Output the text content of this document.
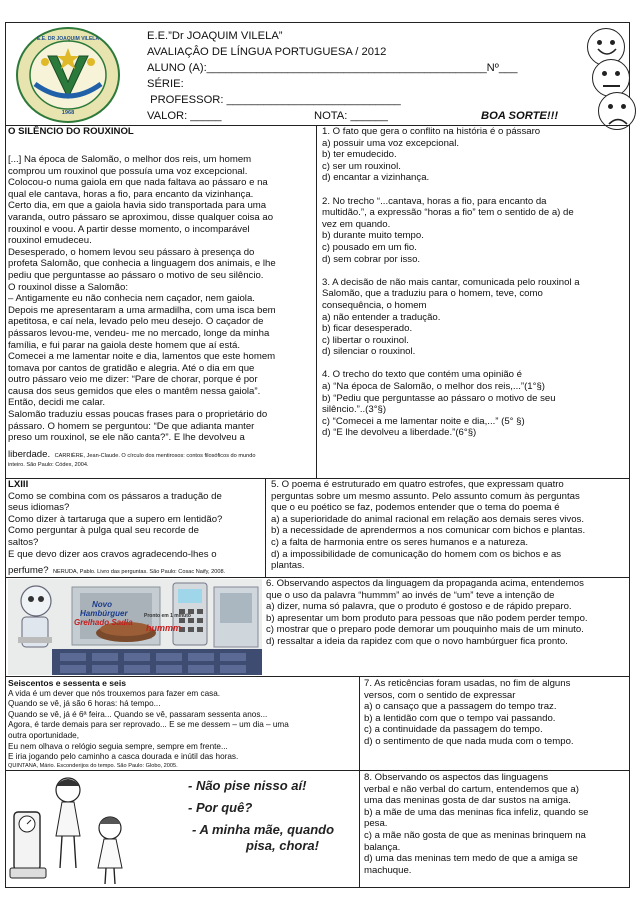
E.E. DR JOAQUIM VILELA
1968
E.E.”Dr JOAQUIM VILELA”
AVALIAÇÂO DE LÍNGUA PORTUGUESA / 2012
ALUNO (A):_____________________________________________Nº___
SÉRIE:
PROFESSOR: ____________________________
VALOR: _____	NOTA: ______	BOA SORTE!!!
O SILÊNCIO DO ROUXINOL
[...] Na época de Salomão, o melhor dos reis, um homem
comprou um rouxinol que possuía uma voz excepcional.
Colocou-o numa gaiola em que nada faltava ao pássaro e na
qual ele cantava, horas a fio, para encanto da vizinhança.
Certo dia, em que a gaiola havia sido transportada para uma
varanda, outro pássaro se aproximou, disse qualquer coisa ao
rouxinol e voou. A partir desse momento, o incomparável
rouxinol emudeceu.
Desesperado, o homem levou seu pássaro à presença do
profeta Salomão, que conhecia a linguagem dos animais, e lhe
pediu que perguntasse ao pássaro o motivo de seu silêncio.
O rouxinol disse a Salomão:
– Antigamente eu não conhecia nem caçador, nem gaiola.
Depois me apresentaram a uma armadilha, com uma isca bem
apetitosa, e caí nela, levado pelo meu desejo. O caçador de
pássaros levou-me, vendeu- me no mercado, longe da minha
família, e fui parar na gaiola deste homem que aí está.
Comecei a me lamentar noite e dia, lamentos que este homem
tomava por cantos de gratidão e alegria. Até o dia em que
outro pássaro veio me dizer: “Pare de chorar, porque é por
causa dos seus gemidos que eles o mantêm nessa gaiola”.
Então, decidi me calar.
Salomão traduziu essas poucas frases para o proprietário do
pássaro. O homem se perguntou: “De que adianta manter
preso um rouxinol, se ele não canta?”. E lhe devolveu a
liberdade. CARRIÈRE, Jean-Claude. O círculo dos mentirosos: contos filosóficos do mundo
inteiro. São Paulo: Códex, 2004.
1. O fato que gera o conflito na história é o pássaro
a) possuir uma voz excepcional.
b) ter emudecido.
c) ser um rouxinol.
d) encantar a vizinhança.
2. No trecho “...cantava, horas a fio, para encanto da
multidão.”, a expressão “horas a fio” tem o sentido de a) de
vez em quando.
b) durante muito tempo.
c) pousado em um fio.
d) sem cobrar por isso.
3. A decisão de não mais cantar, comunicada pelo rouxinol a
Salomão, que a traduziu para o homem, teve, como
consequência, o homem
a) não entender a tradução.
b) ficar desesperado.
c) libertar o rouxinol.
d) silenciar o rouxinol.
4. O trecho do texto que contém uma opinião é
a) “Na época de Salomão, o melhor dos reis,...”(1°§)
b) “Pediu que perguntasse ao pássaro o motivo de seu
silêncio.”..(3°§)
c) “Comecei a me lamentar noite e dia,...” (5° §)
d) “E lhe devolveu a liberdade.”(6°§)
LXIII
Como se combina com os pássaros a tradução de
seus idiomas?
Como dizer à tartaruga que a supero em lentidão?
Como perguntar à pulga qual seu recorde de
saltos?
E que devo dizer aos cravos agradecendo-lhes o
perfume? NERUDA, Pablo. Livro das perguntas. São Paulo: Cosac Naify, 2008.
5. O poema é estruturado em quatro estrofes, que expressam quatro
perguntas sobre um mesmo assunto. Pelo assunto comum às perguntas
que o eu poético se faz, podemos entender que o tema do poema é
a) a superioridade do animal racional em relação aos demais seres vivos.
b) a necessidade de aprendermos a nos comunicar com bichos e plantas.
c) a falta de harmonia entre os seres humanos e a natureza.
d) a impossibilidade de comunicação do homem com os bichos e as
plantas.
Novo
Hambúrguer
Grelhado Sadia
Pronto em 1 minuto
hummm
6. Observando aspectos da linguagem da propaganda acima, entendemos
que o uso da palavra “hummm” ao invés de “um” teve a intenção de
a) dizer, numa só palavra, que o produto é gostoso e de rápido preparo.
b) apresentar um bom produto para pessoas que não podem perder tempo.
c) mostrar que o preparo pode demorar um pouquinho mais de um minuto.
d) ressaltar a ideia da rapidez com que o novo hambúrguer fica pronto.
Seiscentos e sessenta e seis
A vida é um dever que nós trouxemos para fazer em casa.
Quando se vê, já são 6 horas: há tempo...
Quando se vê, já é 6ª feira... Quando se vê, passaram sessenta anos...
Agora, é tarde demais para ser reprovado... E se me dessem – um dia – uma
outra oportunidade,
Eu nem olhava o relógio seguia sempre, sempre em frente...
E iria jogando pelo caminho a casca dourada e inútil das horas.
QUINTANA, Mário. Esconderijos do tempo. São Paulo: Globo, 2005.
7. As reticências foram usadas, no fim de alguns
versos, com o sentido de expressar
a) o cansaço que a passagem do tempo traz.
b) a lentidão com que o tempo vai passando.
c) a continuidade da passagem do tempo.
d) o sentimento de que nada muda com o tempo.
- Não pise nisso aí!
- Por quê?
- A minha mãe, quando
pisa, chora!
8. Observando os aspectos das linguagens
verbal e não verbal do cartum, entendemos que a)
uma das meninas gosta de dar sustos na amiga.
b) a mãe de uma das meninas fica infeliz, quando se
pesa.
c) a mãe não gosta de que as meninas brinquem na
balança.
d) uma das meninas tem medo de que a amiga se
machuque.
